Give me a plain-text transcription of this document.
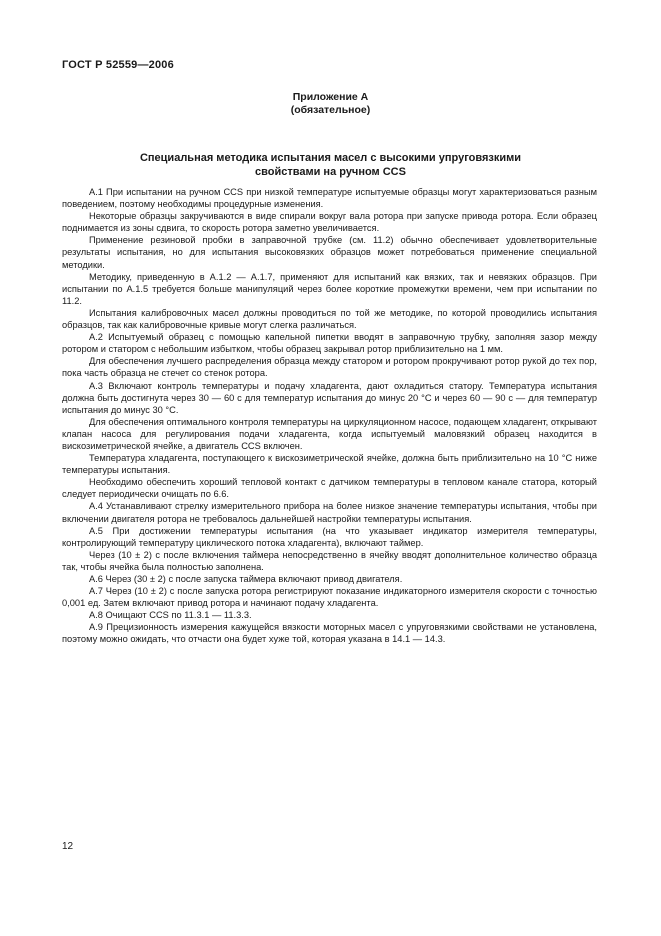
ГОСТ Р 52559—2006
Приложение А
(обязательное)
Специальная методика испытания масел с высокими упруговязкими
свойствами на ручном CCS

А.1 При испытании на ручном CCS при низкой температуре испытуемые образцы могут характеризоваться разным поведением, поэтому необходимы процедурные изменения.

Некоторые образцы закручиваются в виде спирали вокруг вала ротора при запуске привода ротора. Если образец поднимается из зоны сдвига, то скорость ротора заметно увеличивается.

Применение резиновой пробки в заправочной трубке (см. 11.2) обычно обеспечивает удовлетворительные результаты испытания, но для испытания высоковязких образцов может потребоваться применение специальной методики.

Методику, приведенную в А.1.2 — А.1.7, применяют для испытаний как вязких, так и невязких образцов. При испытании по А.1.5 требуется больше манипуляций через более короткие промежутки времени, чем при испытании по 11.2.

Испытания калибровочных масел должны проводиться по той же методике, по которой проводились испытания образцов, так как калибровочные кривые могут слегка различаться.

А.2 Испытуемый образец с помощью капельной пипетки вводят в заправочную трубку, заполняя зазор между ротором и статором с небольшим избытком, чтобы образец закрывал ротор приблизительно на 1 мм.

Для обеспечения лучшего распределения образца между статором и ротором прокручивают ротор рукой до тех пор, пока часть образца не стечет со стенок ротора.

А.3 Включают контроль температуры и подачу хладагента, дают охладиться статору. Температура испытания должна быть достигнута через 30 — 60 с для температур испытания до минус 20 °С и через 60 — 90 с — для температур испытания до минус 30 °С.

Для обеспечения оптимального контроля температуры на циркуляционном насосе, подающем хладагент, открывают клапан насоса для регулирования подачи хладагента, когда испытуемый маловязкий образец находится в вискозиметрической ячейке, а двигатель CCS включен.

Температура хладагента, поступающего к вискозиметрической ячейке, должна быть приблизительно на 10 °С ниже температуры испытания.

Необходимо обеспечить хороший тепловой контакт с датчиком температуры в тепловом канале статора, который следует периодически очищать по 6.6.

А.4 Устанавливают стрелку измерительного прибора на более низкое значение температуры испытания, чтобы при включении двигателя ротора не требовалось дальнейшей настройки температуры испытания.

А.5 При достижении температуры испытания (на что указывает индикатор измерителя температуры, контролирующий температуру циклического потока хладагента), включают таймер.

Через (10 ± 2) с после включения таймера непосредственно в ячейку вводят дополнительное количество образца так, чтобы ячейка была полностью заполнена.

А.6 Через (30 ± 2) с после запуска таймера включают привод двигателя.

А.7 Через (10 ± 2) с после запуска ротора регистрируют показание индикаторного измерителя скорости с точностью 0,001 ед. Затем включают привод ротора и начинают подачу хладагента.

А.8 Очищают CCS по 11.3.1 — 11.3.3.

А.9 Прецизионность измерения кажущейся вязкости моторных масел с упруговязкими свойствами не установлена, поэтому можно ожидать, что отчасти она будет хуже той, которая указана в 14.1 — 14.3.

12
